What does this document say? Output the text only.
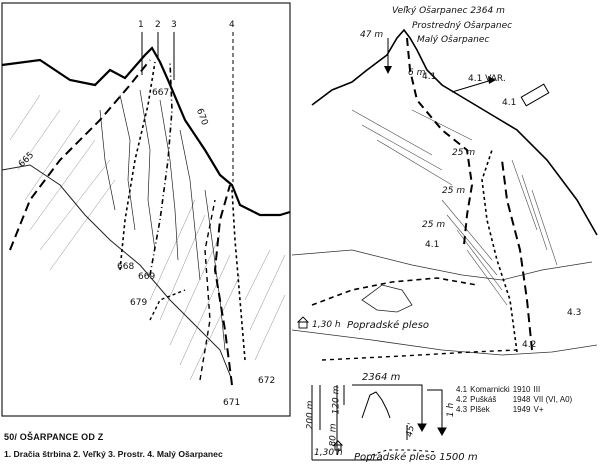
1 2 3	4
665
667
668
669
670
671
672
679
50/ OŠARPANCE OD Z
1. Dračia štrbina 2. Veľký 3. Prostr. 4. Malý Ošarpanec
Veľký Ošarpanec 2364 m
Prostredný Ošarpanec
Malý Ošarpanec
47 m
6 m
25 m
25 m
25 m
4.1
4.1
4.1
4.2
4.3
4.1 VAR.
1,30 h Popradské pleso
2364 m
200 m
120 m
80 m	45'
1 h
1,30 h Popradské pleso 1500 m
4.1	Komarnicki	1910	III
4.2	Puškáš	1948	VII (VI, A0)
4.3	Plšek	1949	V+
